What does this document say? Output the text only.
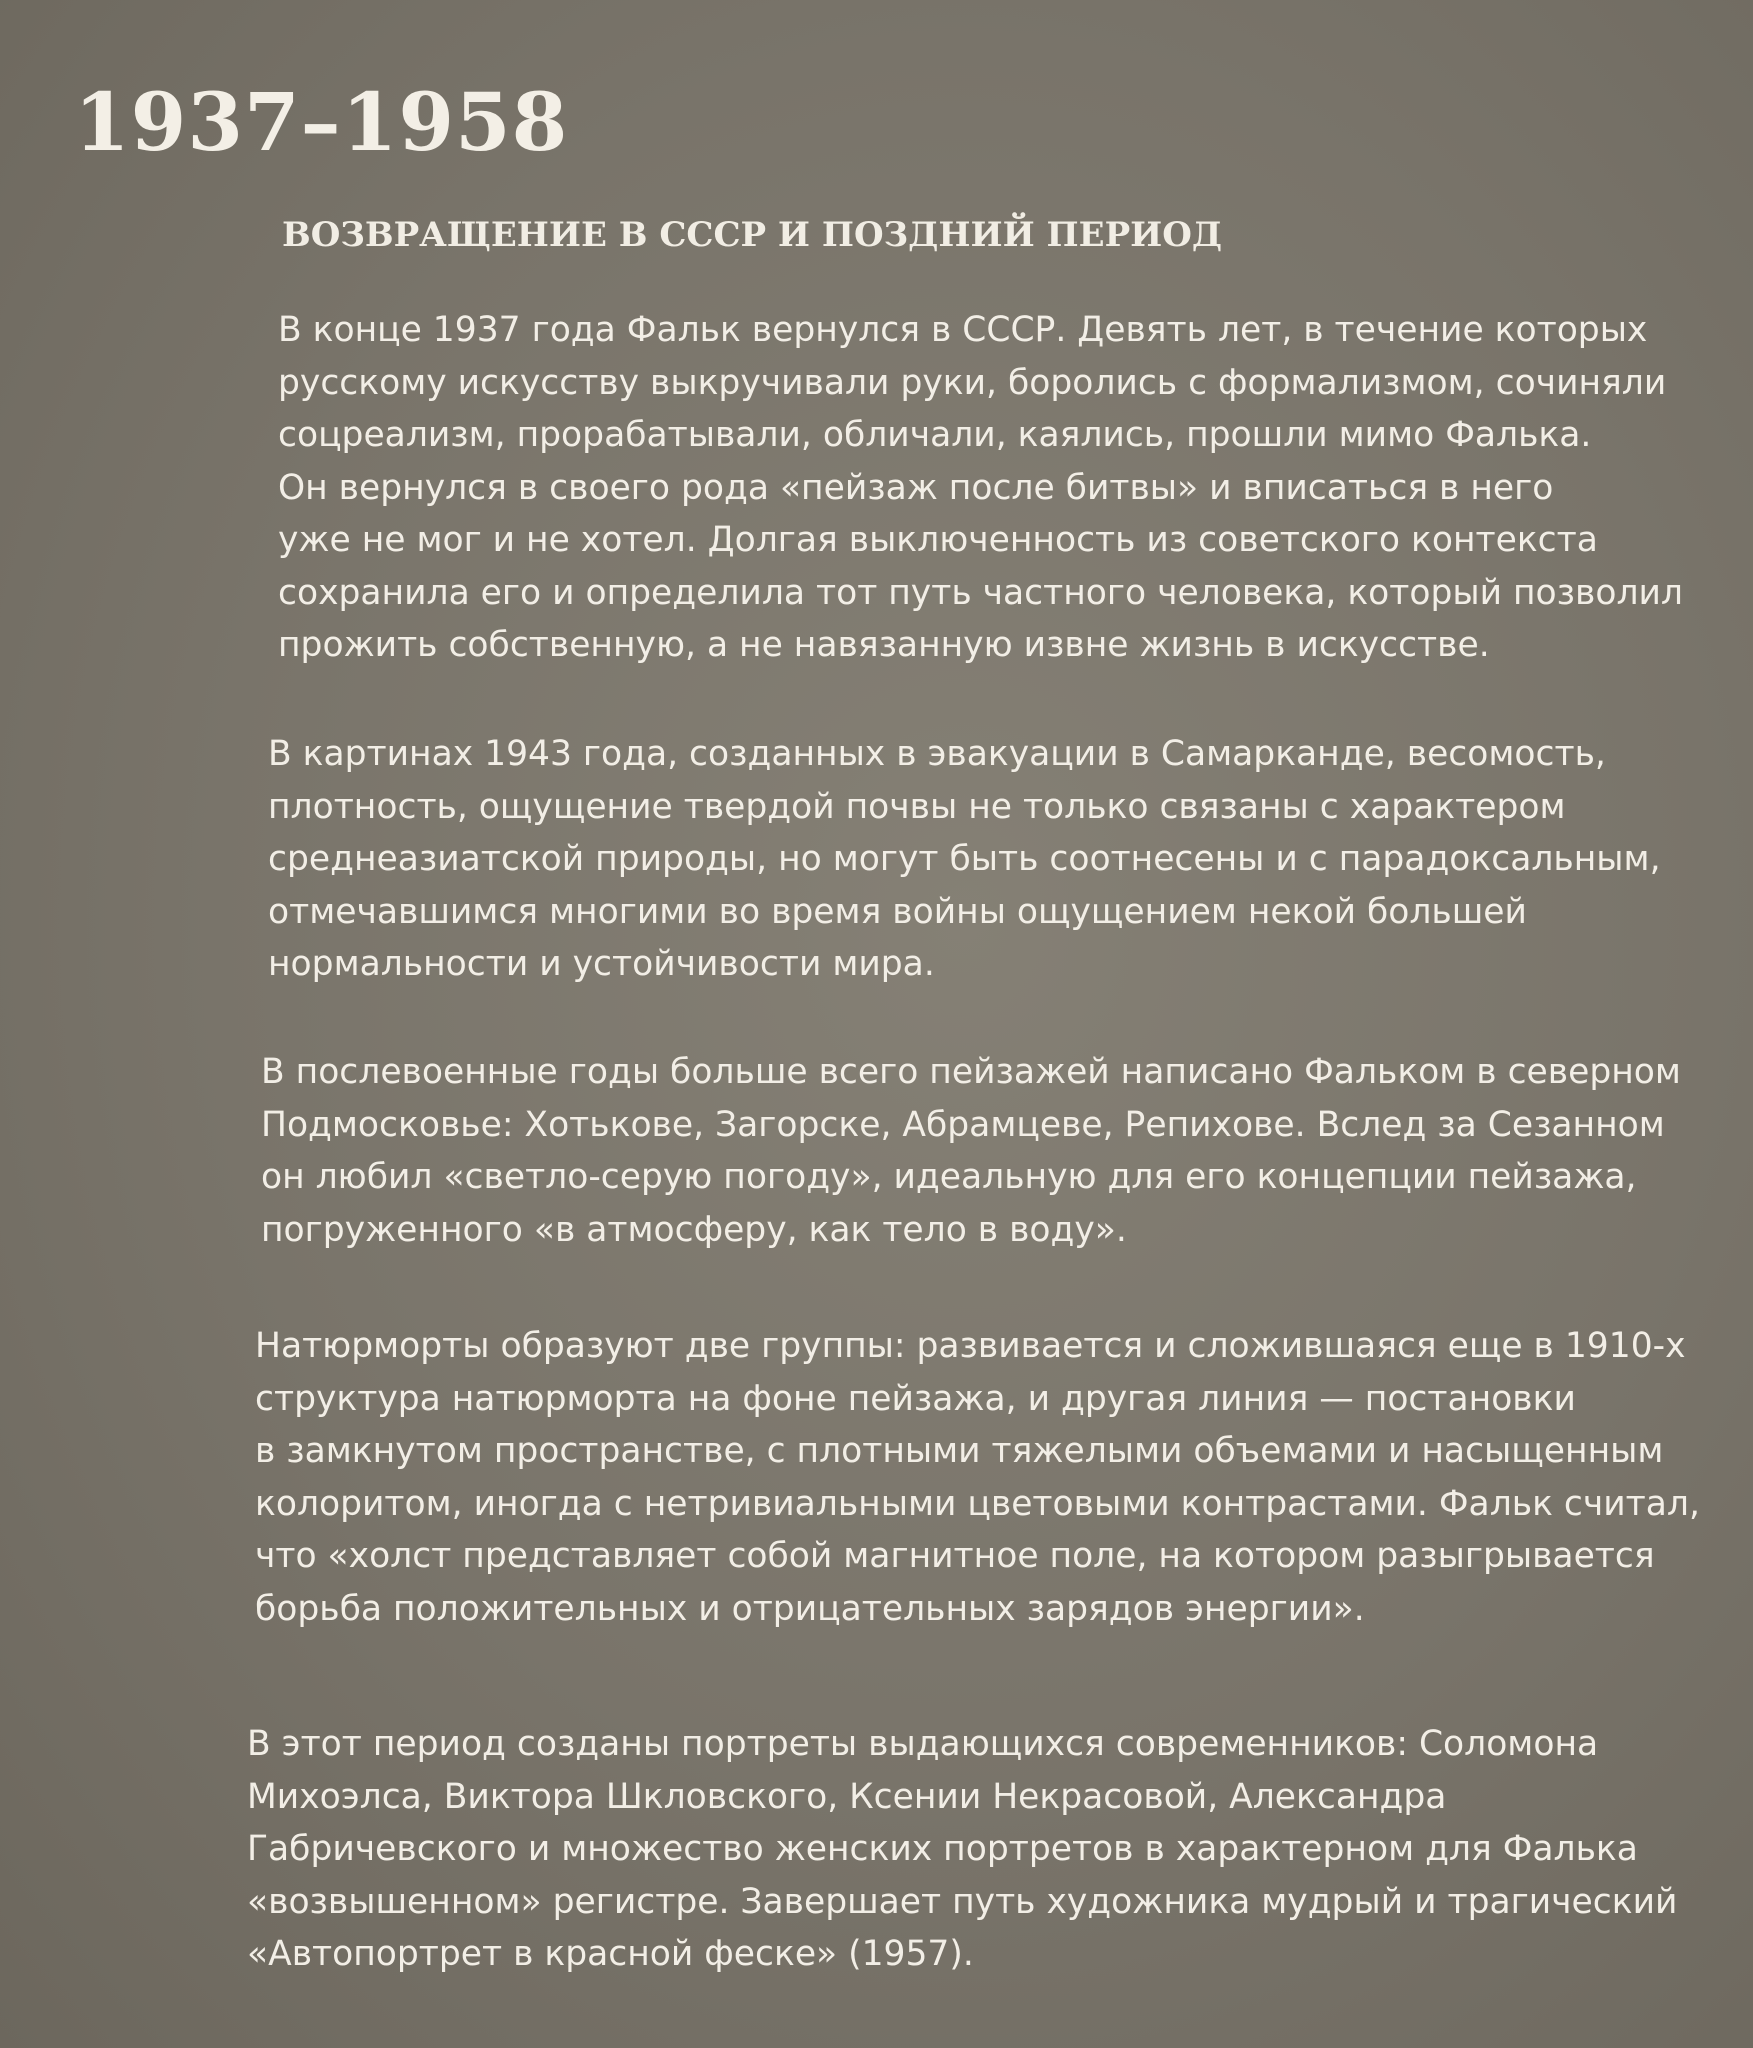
1937–1958
ВОЗВРАЩЕНИЕ В СССР И ПОЗДНИЙ ПЕРИОД

В конце 1937 года Фальк вернулся в СССР. Девять лет, в течение которых
русскому искусству выкручивали руки, боролись с формализмом, сочиняли
соцреализм, прорабатывали, обличали, каялись, прошли мимо Фалька.
Он вернулся в своего рода «пейзаж после битвы» и вписаться в него
уже не мог и не хотел. Долгая выключенность из советского контекста
сохранила его и определила тот путь частного человека, который позволил
прожить собственную, а не навязанную извне жизнь в искусстве.

В картинах 1943 года, созданных в эвакуации в Самарканде, весомость,
плотность, ощущение твердой почвы не только связаны с характером
среднеазиатской природы, но могут быть соотнесены и с парадоксальным,
отмечавшимся многими во время войны ощущением некой большей
нормальности и устойчивости мира.

В послевоенные годы больше всего пейзажей написано Фальком в северном
Подмосковье: Хотькове, Загорске, Абрамцеве, Репихове. Вслед за Сезанном
он любил «светло-серую погоду», идеальную для его концепции пейзажа,
погруженного «в атмосферу, как тело в воду».

Натюрморты образуют две группы: развивается и сложившаяся еще в 1910-х
структура натюрморта на фоне пейзажа, и другая линия — постановки
в замкнутом пространстве, с плотными тяжелыми объемами и насыщенным
колоритом, иногда с нетривиальными цветовыми контрастами. Фальк считал,
что «холст представляет собой магнитное поле, на котором разыгрывается
борьба положительных и отрицательных зарядов энергии».

В этот период созданы портреты выдающихся современников: Соломона
Михоэлса, Виктора Шкловского, Ксении Некрасовой, Александра
Габричевского и множество женских портретов в характерном для Фалька
«возвышенном» регистре. Завершает путь художника мудрый и трагический
«Автопортрет в красной феске» (1957).
